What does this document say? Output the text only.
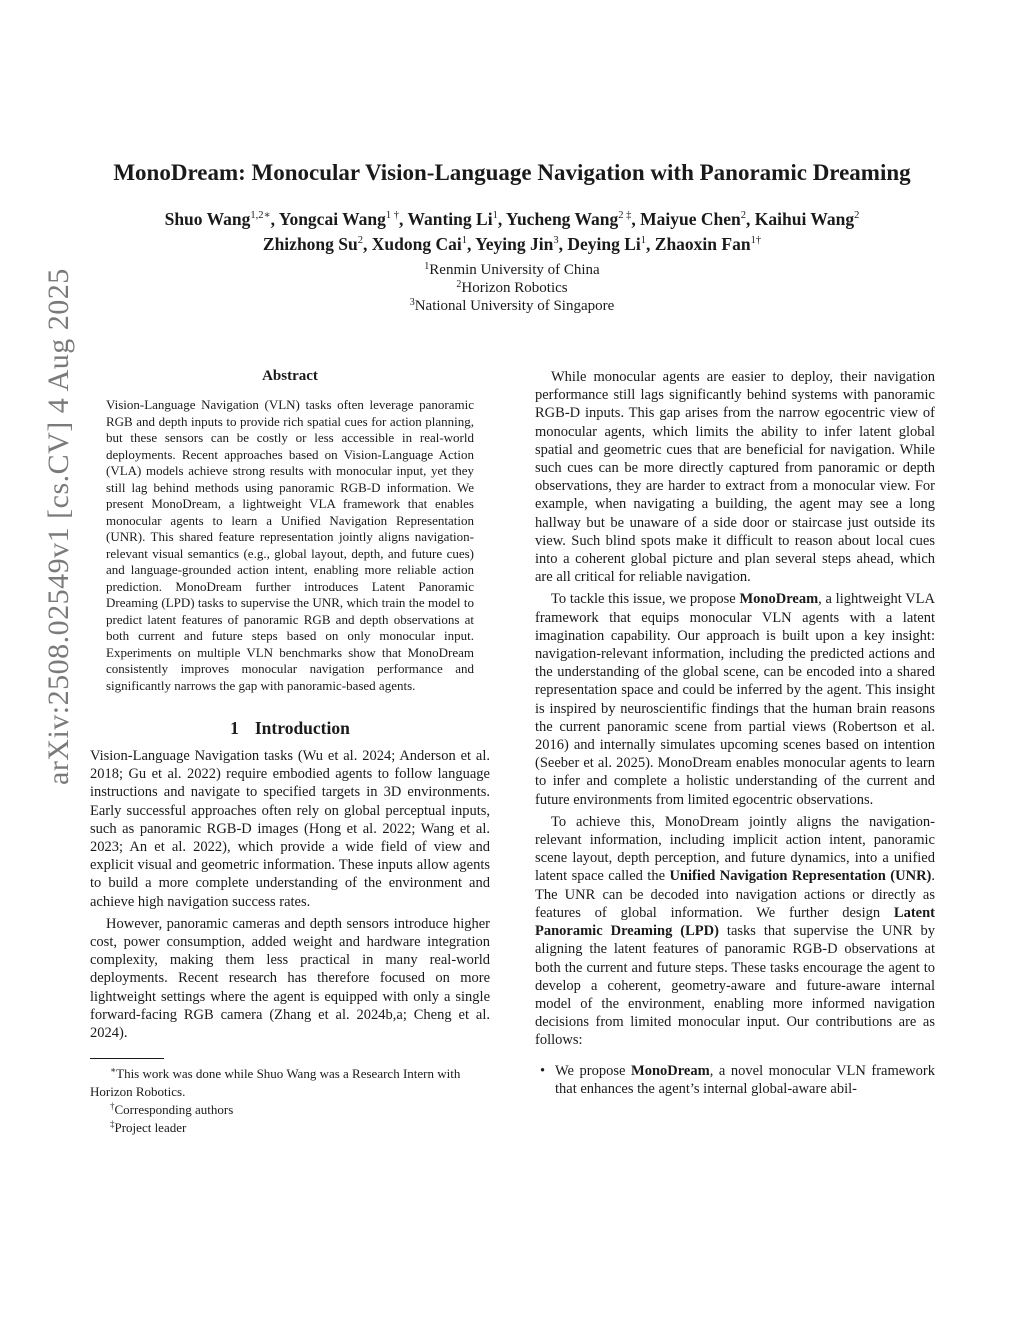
arXiv:2508.02549v1 [cs.CV] 4 Aug 2025
MonoDream: Monocular Vision-Language Navigation with Panoramic Dreaming
Shuo Wang$^{1,2∗}$, Yongcai Wang$^{1 \dagger}$, Wanting Li$^1$, Yucheng Wang$^{2 \ddagger}$, Maiyue Chen$^2$, Kaihui Wang$^2$
Zhizhong Su$^2$, Xudong Cai$^1$, Yeying Jin$^3$, Deying Li$^1$, Zhaoxin Fan$^{1\dagger}$
$^1$Renmin University of China
$^2$Horizon Robotics
$^3$National University of Singapore
Abstract

Vision-Language Navigation (VLN) tasks often leverage panoramic RGB and depth inputs to provide rich spatial cues for action planning, but these sensors can be costly or less accessible in real-world deployments. Recent approaches based on Vision-Language Action (VLA) models achieve strong results with monocular input, yet they still lag behind methods using panoramic RGB-D information. We present MonoDream, a lightweight VLA framework that enables monocular agents to learn a Unified Navigation Representation (UNR). This shared feature representation jointly aligns navigation-relevant visual semantics (e.g., global layout, depth, and future cues) and language-grounded action intent, enabling more reliable action prediction. MonoDream further introduces Latent Panoramic Dreaming (LPD) tasks to supervise the UNR, which train the model to predict latent features of panoramic RGB and depth observations at both current and future steps based on only monocular input. Experiments on multiple VLN benchmarks show that MonoDream consistently improves monocular navigation performance and significantly narrows the gap with panoramic-based agents.

1 Introduction

Vision-Language Navigation tasks (Wu et al. 2024; Anderson et al. 2018; Gu et al. 2022) require embodied agents to follow language instructions and navigate to specified targets in 3D environments. Early successful approaches often rely on global perceptual inputs, such as panoramic RGB-D images (Hong et al. 2022; Wang et al. 2023; An et al. 2022), which provide a wide field of view and explicit visual and geometric information. These inputs allow agents to build a more complete understanding of the environment and achieve high navigation success rates.

However, panoramic cameras and depth sensors introduce higher cost, power consumption, added weight and hardware integration complexity, making them less practical in many real-world deployments. Recent research has therefore focused on more lightweight settings where the agent is equipped with only a single forward-facing RGB camera (Zhang et al. 2024b,a; Cheng et al. 2024).

∗This work was done while Shuo Wang was a Research Intern with Horizon Robotics.

†Corresponding authors

‡Project leader

While monocular agents are easier to deploy, their navigation performance still lags significantly behind systems with panoramic RGB-D inputs. This gap arises from the narrow egocentric view of monocular agents, which limits the ability to infer latent global spatial and geometric cues that are beneficial for navigation. While such cues can be more directly captured from panoramic or depth observations, they are harder to extract from a monocular view. For example, when navigating a building, the agent may see a long hallway but be unaware of a side door or staircase just outside its view. Such blind spots make it difficult to reason about local cues into a coherent global picture and plan several steps ahead, which are all critical for reliable navigation.

To tackle this issue, we propose MonoDream, a lightweight VLA framework that equips monocular VLN agents with a latent imagination capability. Our approach is built upon a key insight: navigation-relevant information, including the predicted actions and the understanding of the global scene, can be encoded into a shared representation space and could be inferred by the agent. This insight is inspired by neuroscientific findings that the human brain reasons the current panoramic scene from partial views (Robertson et al. 2016) and internally simulates upcoming scenes based on intention (Seeber et al. 2025). MonoDream enables monocular agents to learn to infer and complete a holistic understanding of the current and future environments from limited egocentric observations.

To achieve this, MonoDream jointly aligns the navigation-relevant information, including implicit action intent, panoramic scene layout, depth perception, and future dynamics, into a unified latent space called the Unified Navigation Representation (UNR). The UNR can be decoded into navigation actions or directly as features of global information. We further design Latent Panoramic Dreaming (LPD) tasks that supervise the UNR by aligning the latent features of panoramic RGB-D observations at both the current and future steps. These tasks encourage the agent to develop a coherent, geometry-aware and future-aware internal model of the environment, enabling more informed navigation decisions from limited monocular input. Our contributions are as follows:

• We propose MonoDream, a novel monocular VLN framework that enhances the agent’s internal global-aware abil-
